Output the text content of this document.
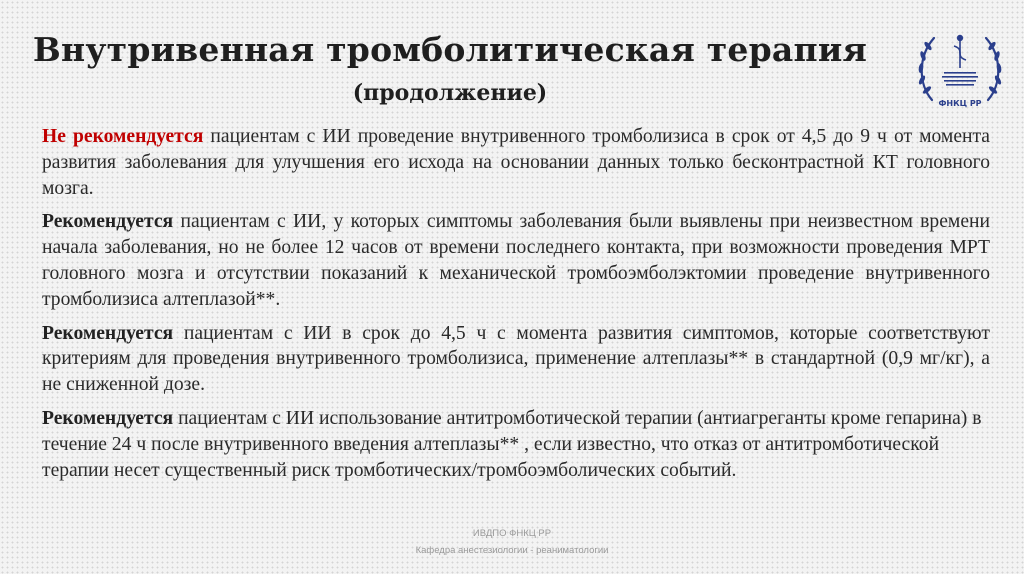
Внутривенная тромболитическая терапия
(продолжение)	ФНКЦ РР

Не рекомендуется пациентам с ИИ проведение внутривенного тромболизиса в срок от 4,5 до 9 ч от момента развития заболевания для улучшения его исхода на основании данных только бесконтрастной КТ головного мозга.

Рекомендуется пациентам с ИИ, у которых симптомы заболевания были выявлены при неизвестном времени начала заболевания, но не более 12 часов от времени последнего контакта, при возможности проведения МРТ головного мозга и отсутствии показаний к механической тромбоэмболэктомии проведение внутривенного тромболизиса алтеплазой**.

Рекомендуется пациентам с ИИ в срок до 4,5 ч с момента развития симптомов, которые соответствуют критериям для проведения внутривенного тромболизиса, применение алтеплазы** в стандартной (0,9 мг/кг), а не сниженной дозе.

Рекомендуется пациентам с ИИ использование антитромботической терапии (антиагреганты кроме гепарина) в течение 24 ч после внутривенного введения алтеплазы** , если известно, что отказ от антитромботической терапии несет существенный риск тромботических/тромбоэмболических событий.

ИВДПО ФНКЦ РР
Кафедра анестезиологии - реаниматологии
